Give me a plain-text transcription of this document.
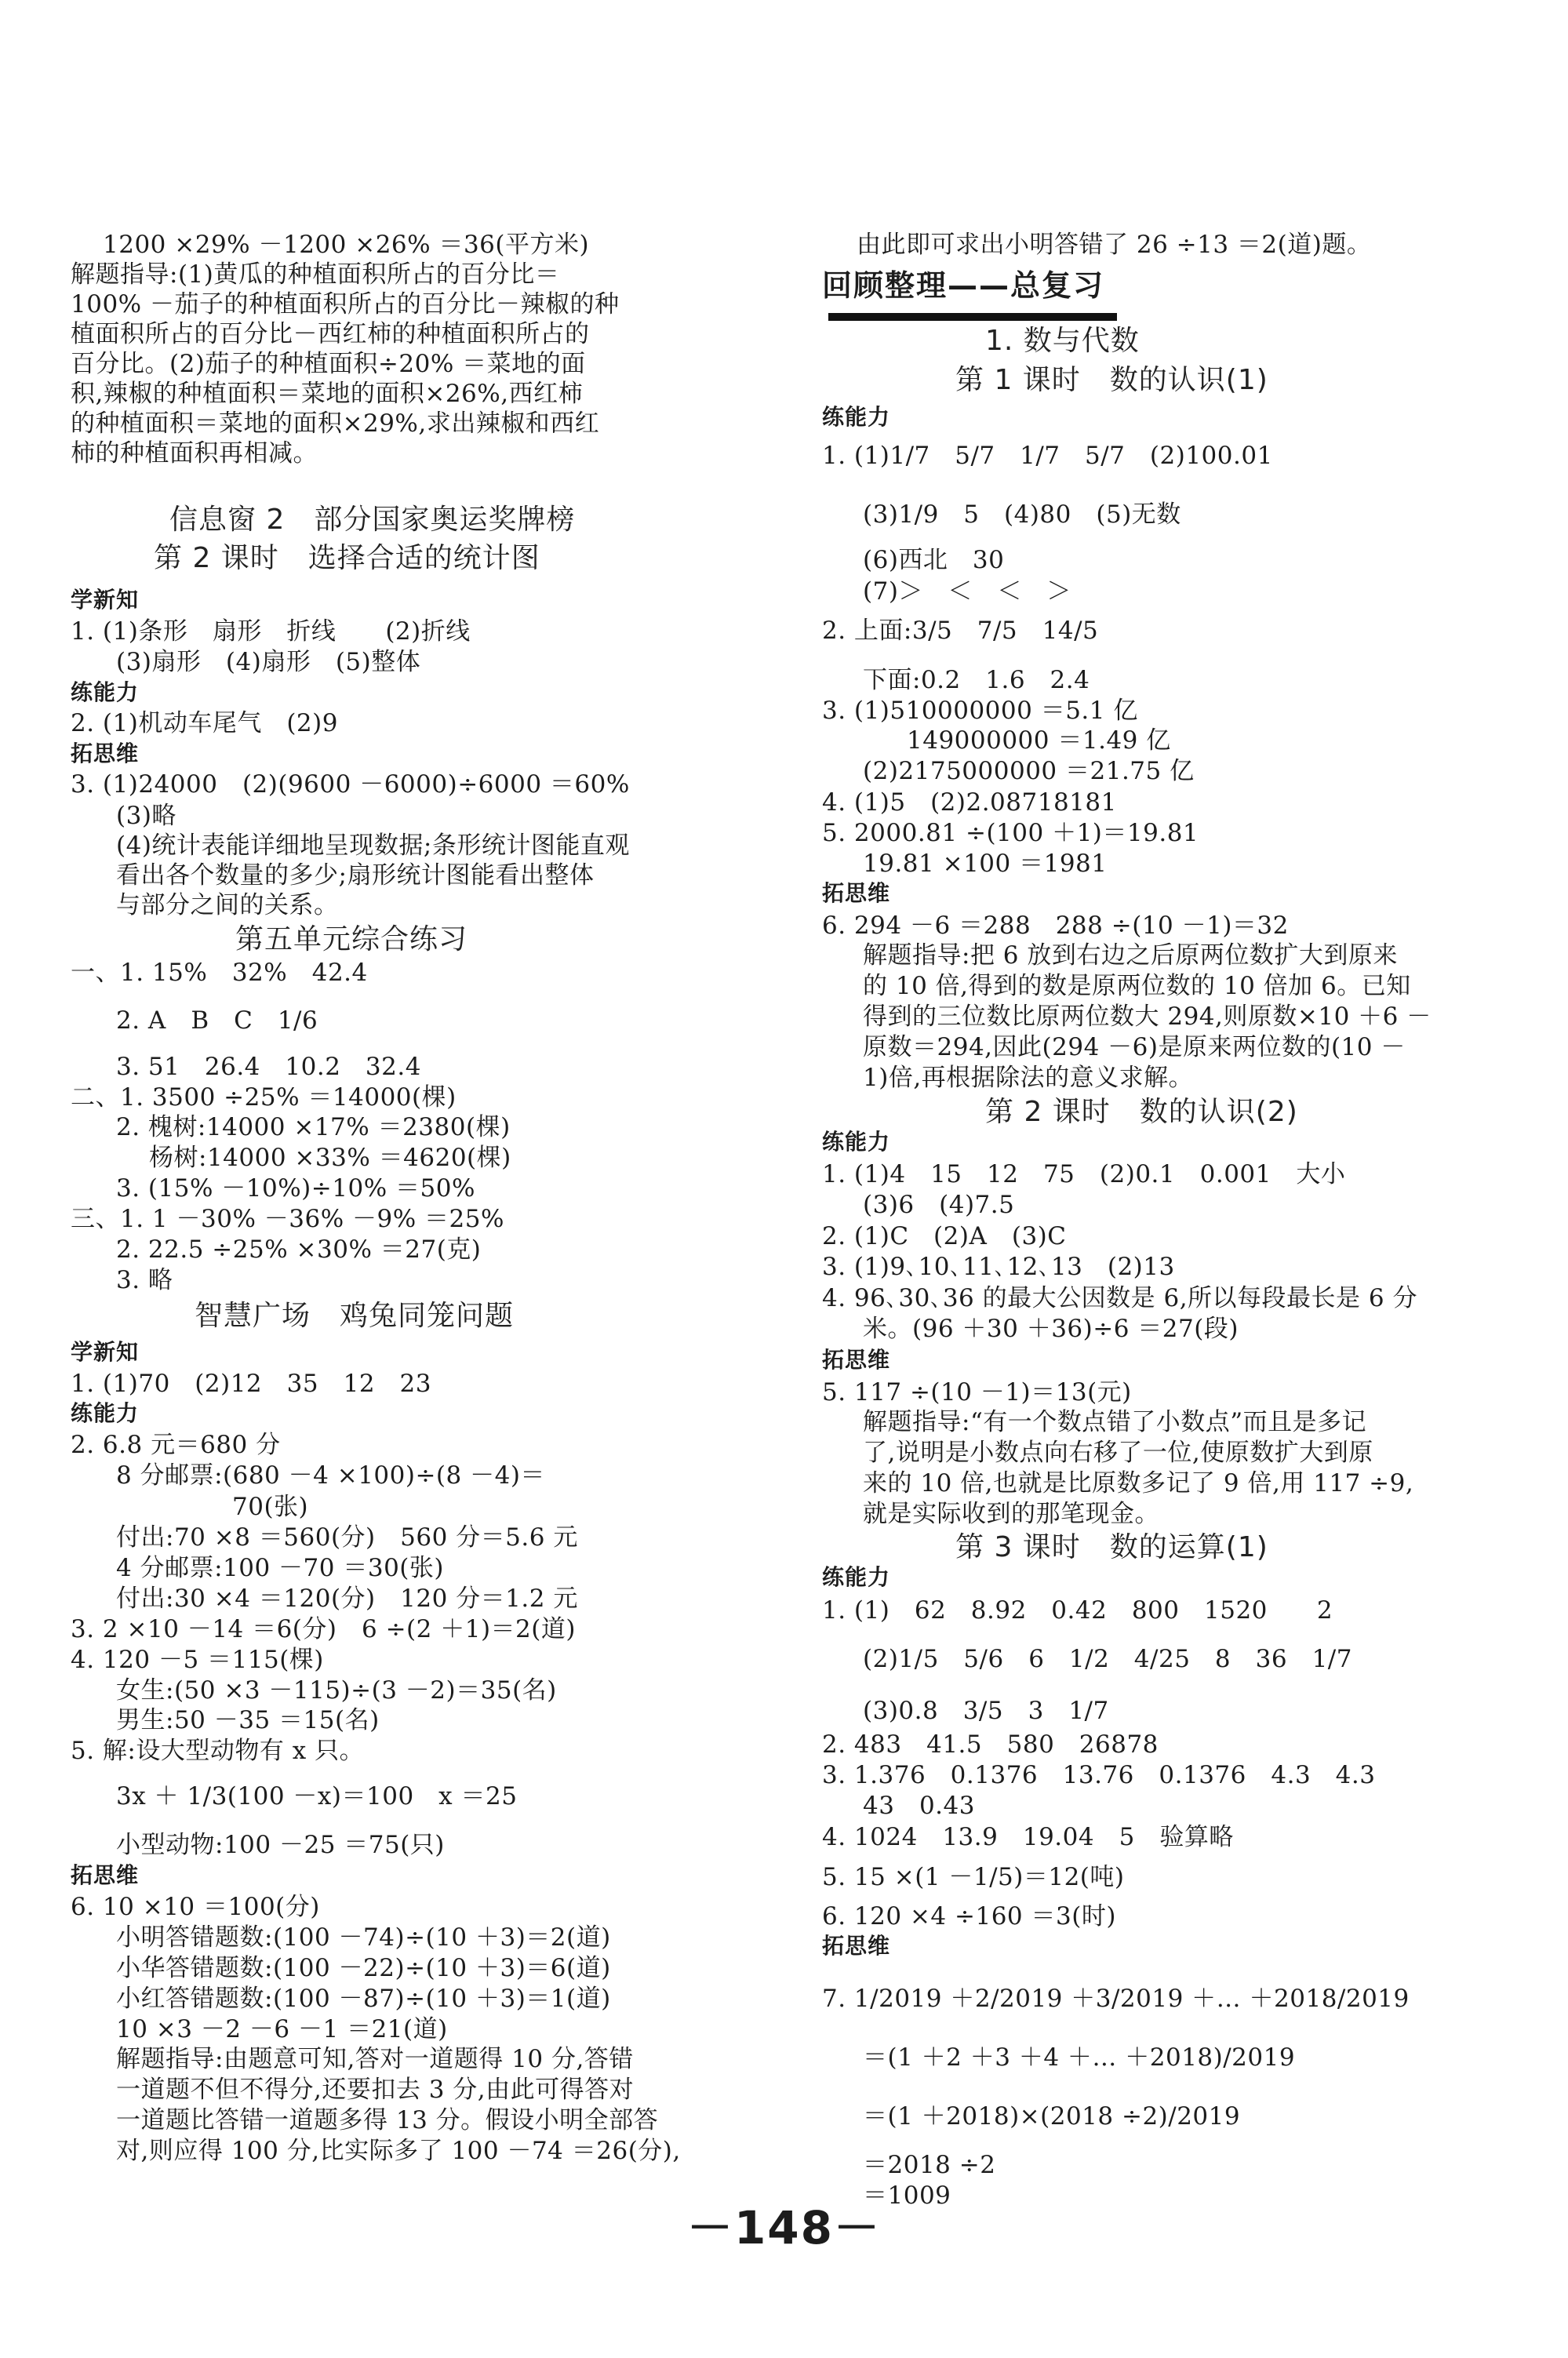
1200 ×29% －1200 ×26% ＝36(平方米)

解题指导:(1)黄瓜的种植面积所占的百分比＝

100% －茄子的种植面积所占的百分比－辣椒的种

植面积所占的百分比－西红柿的种植面积所占的

百分比。(2)茄子的种植面积÷20% ＝菜地的面

积,辣椒的种植面积＝菜地的面积×26%,西红柿

的种植面积＝菜地的面积×29%,求出辣椒和西红

柿的种植面积再相减。

信息窗 2　部分国家奥运奖牌榜

第 2 课时　选择合适的统计图

学新知

1. (1)条形　扇形　折线　　(2)折线

(3)扇形　(4)扇形　(5)整体

练能力

2. (1)机动车尾气　(2)9

拓思维

3. (1)24000　(2)(9600 －6000)÷6000 ＝60%

(3)略

(4)统计表能详细地呈现数据;条形统计图能直观

看出各个数量的多少;扇形统计图能看出整体

与部分之间的关系。

第五单元综合练习

一、1. 15%　32%　42.4

2. A　B　C　1/6

3. 51　26.4　10.2　32.4

二、1. 3500 ÷25% ＝14000(棵)

2. 槐树:14000 ×17% ＝2380(棵)

杨树:14000 ×33% ＝4620(棵)

3. (15% －10%)÷10% ＝50%

三、1. 1 －30% －36% －9% ＝25%

2. 22.5 ÷25% ×30% ＝27(克)

3. 略

智慧广场　鸡兔同笼问题

学新知

1. (1)70　(2)12　35　12　23

练能力

2. 6.8 元＝680 分

8 分邮票:(680 －4 ×100)÷(8 －4)＝

70(张)

付出:70 ×8 ＝560(分)　560 分＝5.6 元

4 分邮票:100 －70 ＝30(张)

付出:30 ×4 ＝120(分)　120 分＝1.2 元

3. 2 ×10 －14 ＝6(分)　6 ÷(2 ＋1)＝2(道)

4. 120 －5 ＝115(棵)

女生:(50 ×3 －115)÷(3 －2)＝35(名)

男生:50 －35 ＝15(名)

5. 解:设大型动物有 x 只。

3x ＋ 1/3(100 －x)＝100　x ＝25

小型动物:100 －25 ＝75(只)

拓思维

6. 10 ×10 ＝100(分)

小明答错题数:(100 －74)÷(10 ＋3)＝2(道)

小华答错题数:(100 －22)÷(10 ＋3)＝6(道)

小红答错题数:(100 －87)÷(10 ＋3)＝1(道)

10 ×3 －2 －6 －1 ＝21(道)

解题指导:由题意可知,答对一道题得 10 分,答错

一道题不但不得分,还要扣去 3 分,由此可得答对

一道题比答错一道题多得 13 分。假设小明全部答

对,则应得 100 分,比实际多了 100 －74 ＝26(分),

由此即可求出小明答错了 26 ÷13 ＝2(道)题。

回顾整理——总复习

1. 数与代数

第 1 课时　数的认识(1)

练能力

1. (1)1/7　5/7　1/7　5/7　(2)100.01

(3)1/9　5　(4)80　(5)无数

(6)西北　30

(7)＞　＜　＜　＞

2. 上面:3/5　7/5　14/5

下面:0.2　1.6　2.4

3. (1)510000000 ＝5.1 亿

149000000 ＝1.49 亿

(2)2175000000 ＝21.75 亿

4. (1)5　(2)2.08718181

5. 2000.81 ÷(100 ＋1)＝19.81

19.81 ×100 ＝1981

拓思维

6. 294 －6 ＝288　288 ÷(10 －1)＝32

解题指导:把 6 放到右边之后原两位数扩大到原来

的 10 倍,得到的数是原两位数的 10 倍加 6。已知

得到的三位数比原两位数大 294,则原数×10 ＋6 －

原数＝294,因此(294 －6)是原来两位数的(10 －

1)倍,再根据除法的意义求解。

第 2 课时　数的认识(2)

练能力

1. (1)4　15　12　75　(2)0.1　0.001　大小

(3)6　(4)7.5

2. (1)C　(2)A　(3)C

3. (1)9､10､11､12､13　(2)13

4. 96､30､36 的最大公因数是 6,所以每段最长是 6 分

米。(96 ＋30 ＋36)÷6 ＝27(段)

拓思维

5. 117 ÷(10 －1)＝13(元)

解题指导:“有一个数点错了小数点”而且是多记

了,说明是小数点向右移了一位,使原数扩大到原

来的 10 倍,也就是比原数多记了 9 倍,用 117 ÷9,

就是实际收到的那笔现金。

第 3 课时　数的运算(1)

练能力

1. (1)　62　8.92　0.42　800　1520　　2

(2)1/5　5/6　6　1/2　4/25　8　36　1/7

(3)0.8　3/5　3　1/7

2. 483　41.5　580　26878

3. 1.376　0.1376　13.76　0.1376　4.3　4.3

43　0.43

4. 1024　13.9　19.04　5　验算略

5. 15 ×(1 －1/5)＝12(吨)

6. 120 ×4 ÷160 ＝3(时)

拓思维

7. 1/2019 ＋2/2019 ＋3/2019 ＋… ＋2018/2019

＝(1 ＋2 ＋3 ＋4 ＋… ＋2018)/2019

＝(1 ＋2018)×(2018 ÷2)/2019

＝2018 ÷2

＝1009

－148－
